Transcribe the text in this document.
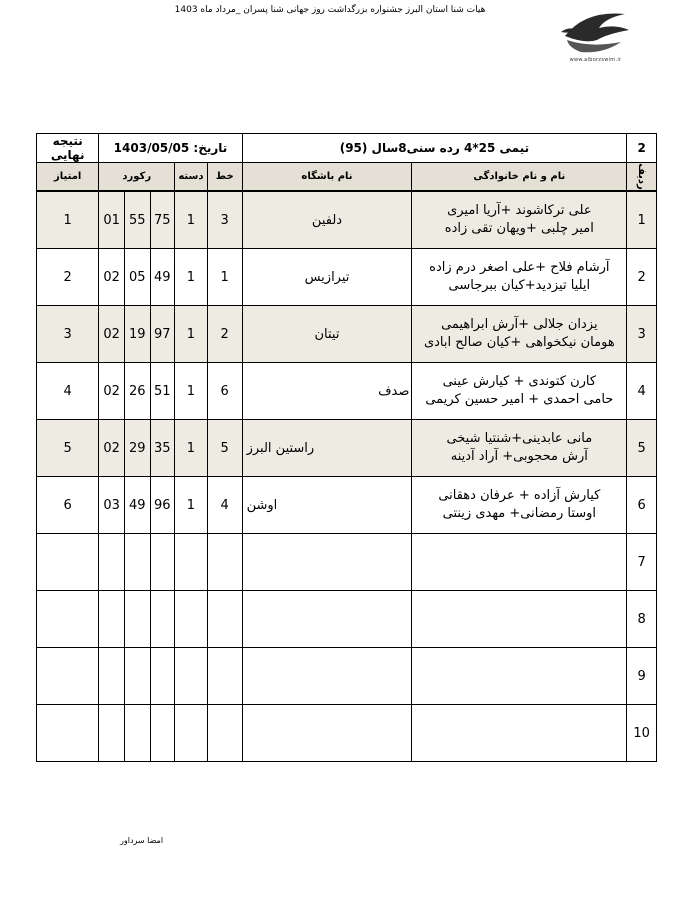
هیات شنا استان البرز جشنواره بزرگداشت روز جهانی شنا پسران _مرداد ماه 1403
www.alborzswim.ir
نتیجه نهایی	تاریخ: 1403/05/05					تیمی 25*4 رده سنی8سال (95)		2
امتیاز	رکورد			دسته	خط	نام باشگاه	نام و نام خانوادگی	ردیف
1	01	55	75	1	3	دلفین	علی ترکاشوند +آریا امیری
امیر چلبی +ویهان تقی زاده	1
2	02	05	49	1	1	تیرازیس	آرشام فلاح +علی اصغر درم زاده
ایلیا تیزدید+کیان ببرجاسی	2
3	02	19	97	1	2	تیتان	یزدان جلالی +آرش ابراهیمی
هومان نیکخواهی +کیان صالح ابادی	3
4	02	26	51	1	6	صدف	کارن کتوندی + کیارش عینی
حامی احمدی + امیر حسین کریمی	4
5	02	29	35	1	5	راستین البرز	مانی عابدینی+شنتیا شیخی
آرش محجوبی+ آراد آدینه	5
6	03	49	96	1	4	اوشن	کیارش آزاده + عرفان دهقانی
اوستا رمضانی+ مهدی زینتی	6
								7
								8
								9
								10
امضا سرداور
